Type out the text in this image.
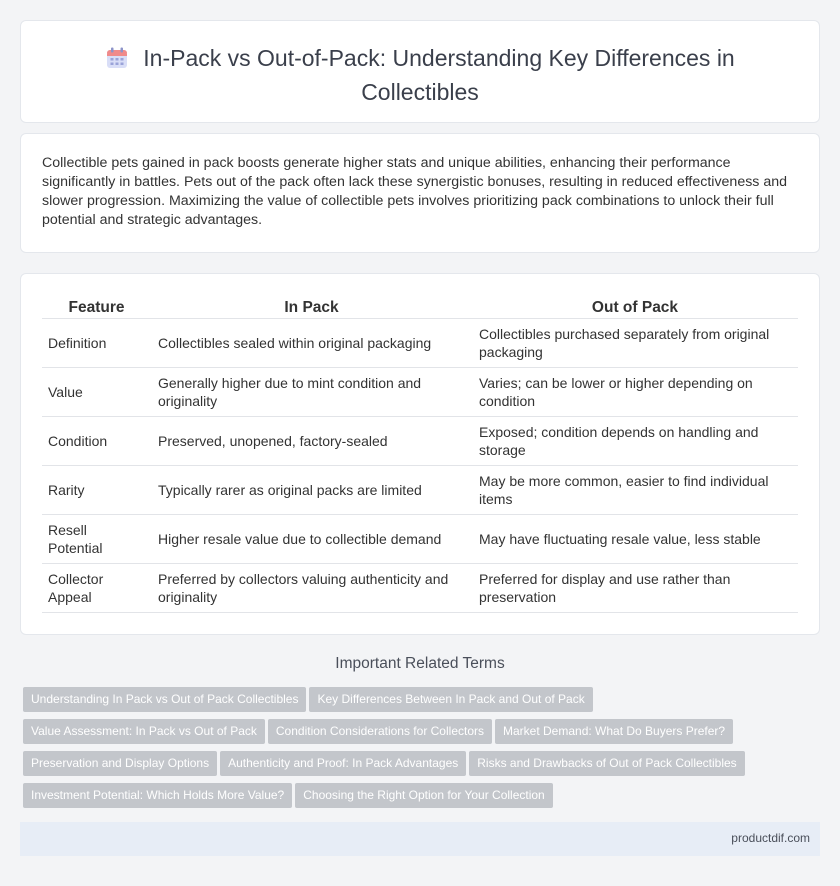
In-Pack vs Out-of-Pack: Understanding Key Differences in
Collectibles

Collectible pets gained in pack boosts generate higher stats and unique abilities, enhancing their performance significantly in battles. Pets out of the pack often lack these synergistic bonuses, resulting in reduced effectiveness and slower progression. Maximizing the value of collectible pets involves prioritizing pack combinations to unlock their full potential and strategic advantages.

Feature	In Pack	Out of Pack
Definition	Collectibles sealed within original packaging	Collectibles purchased separately from original packaging
Value	Generally higher due to mint condition and originality	Varies; can be lower or higher depending on condition
Condition	Preserved, unopened, factory-sealed	Exposed; condition depends on handling and storage
Rarity	Typically rarer as original packs are limited	May be more common, easier to find individual items
Resell Potential	Higher resale value due to collectible demand	May have fluctuating resale value, less stable
Collector Appeal	Preferred by collectors valuing authenticity and originality	Preferred for display and use rather than preservation
Important Related Terms
Understanding In Pack vs Out of Pack Collectibles Key Differences Between In Pack and Out of Pack
Value Assessment: In Pack vs Out of Pack Condition Considerations for Collectors Market Demand: What Do Buyers Prefer?
Preservation and Display Options Authenticity and Proof: In Pack Advantages Risks and Drawbacks of Out of Pack Collectibles
Investment Potential: Which Holds More Value? Choosing the Right Option for Your Collection
productdif.com
